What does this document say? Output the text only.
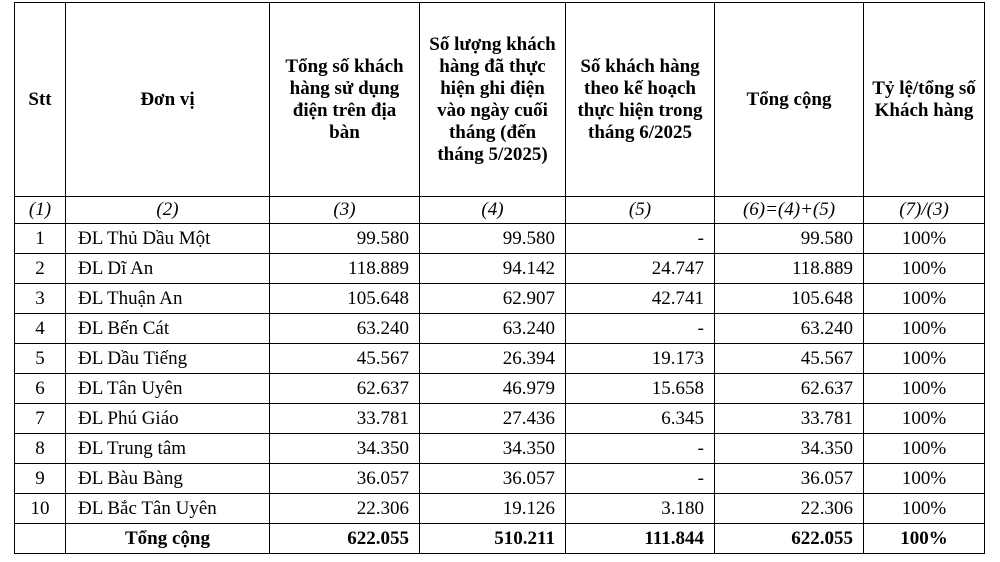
Stt	Đơn vị	Tổng số khách hàng sử dụng điện trên địa bàn	Số lượng khách hàng đã thực hiện ghi điện vào ngày cuối tháng (đến tháng 5/2025)	Số khách hàng theo kế hoạch thực hiện trong tháng 6/2025	Tổng cộng	Tỷ lệ/tổng số Khách hàng
(1)	(2)	(3)	(4)	(5)	(6)=(4)+(5)	(7)/(3)
1	ĐL Thủ Dầu Một	99.580	99.580	-	99.580	100%
2	ĐL Dĩ An	118.889	94.142	24.747	118.889	100%
3	ĐL Thuận An	105.648	62.907	42.741	105.648	100%
4	ĐL Bến Cát	63.240	63.240	-	63.240	100%
5	ĐL Dầu Tiếng	45.567	26.394	19.173	45.567	100%
6	ĐL Tân Uyên	62.637	46.979	15.658	62.637	100%
7	ĐL Phú Giáo	33.781	27.436	6.345	33.781	100%
8	ĐL Trung tâm	34.350	34.350	-	34.350	100%
9	ĐL Bàu Bàng	36.057	36.057	-	36.057	100%
10	ĐL Bắc Tân Uyên	22.306	19.126	3.180	22.306	100%
	Tổng cộng	622.055	510.211	111.844	622.055	100%
